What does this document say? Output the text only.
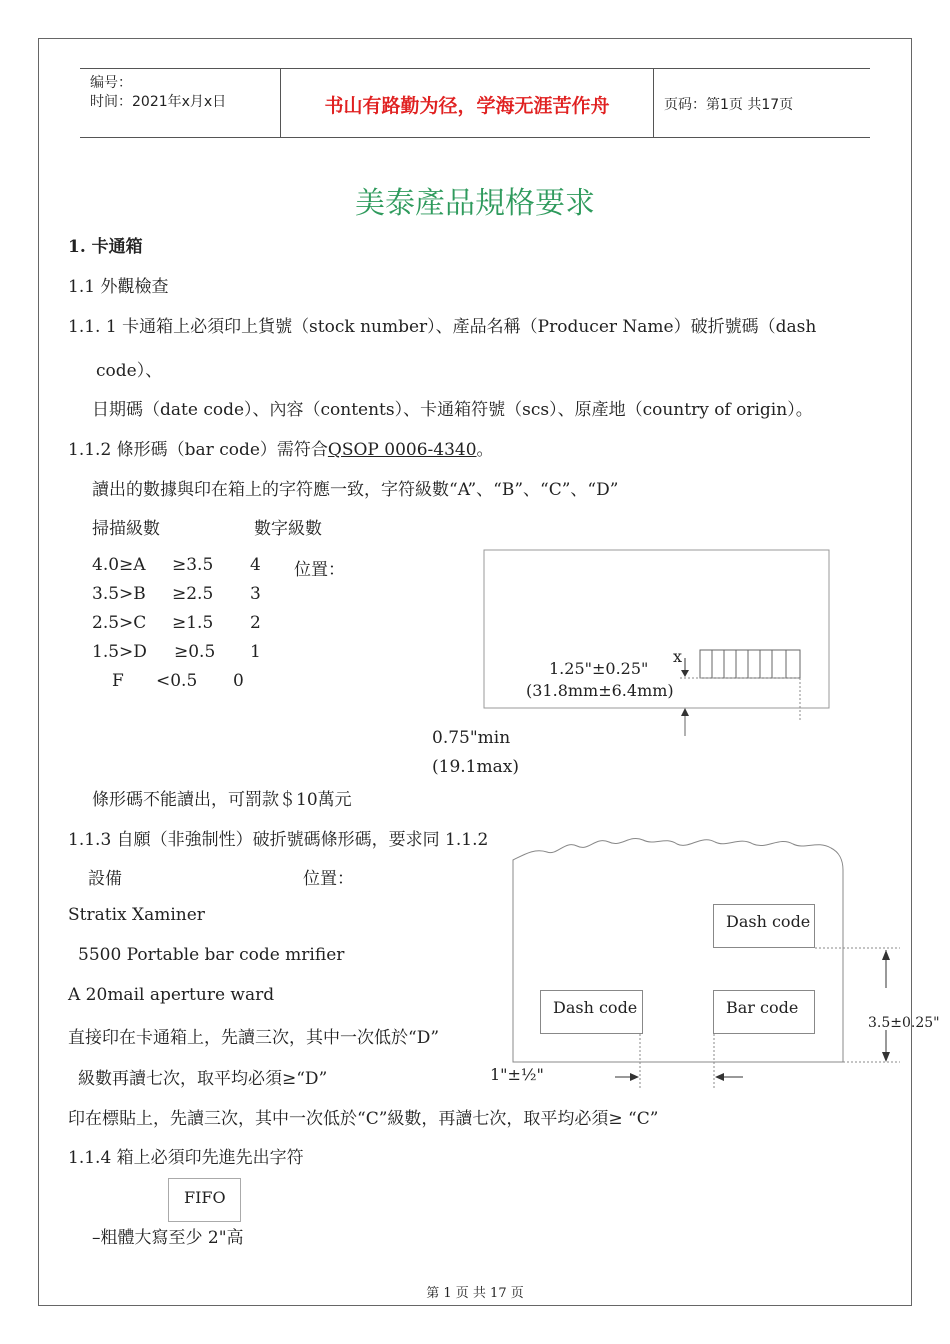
编号：
时间：2021年x月x日	书山有路勤为径，学海无涯苦作舟	页码：第1页 共17页
美泰產品規格要求
1. 卡通箱
1.1 外觀檢查
1.1. 1 卡通箱上必須印上貨號（stock number）、產品名稱（Producer Name）破折號碼（dash
code）、
日期碼（date code）、內容（contents）、卡通箱符號（scs）、原產地（country of origin）。
1.1.2 條形碼（bar code）需符合QSOP 0006-4340。
讀出的數據與印在箱上的字符應一致，字符級數“A”、“B”、“C”、“D”
掃描級數	數字級數
4.0≥A ≥3.5 4 位置：
3.5>B ≥2.5 3
2.5>C ≥1.5 2
1.5>D ≥0.5 1
F <0.5 0
x
1.25"±0.25"
(31.8mm±6.4mm)
0.75"min
(19.1max)
條形碼不能讀出，可罰款＄10萬元
1.1.3 自願（非強制性）破折號碼條形碼，要求同 1.1.2
設備	位置：
Stratix Xaminer
5500 Portable bar code mrifier
A 20mail aperture ward
直接印在卡通箱上，先讀三次，其中一次低於“D”
級數再讀七次，取平均必須≥“D”
Dash code
Dash code	Bar code
3.5±0.25"
1"±½"
印在標貼上，先讀三次，其中一次低於“C”級數，再讀七次，取平均必須≥ “C”
1.1.4 箱上必須印先進先出字符
FIFO
–粗體大寫至少 2"高
第 1 页 共 17 页
